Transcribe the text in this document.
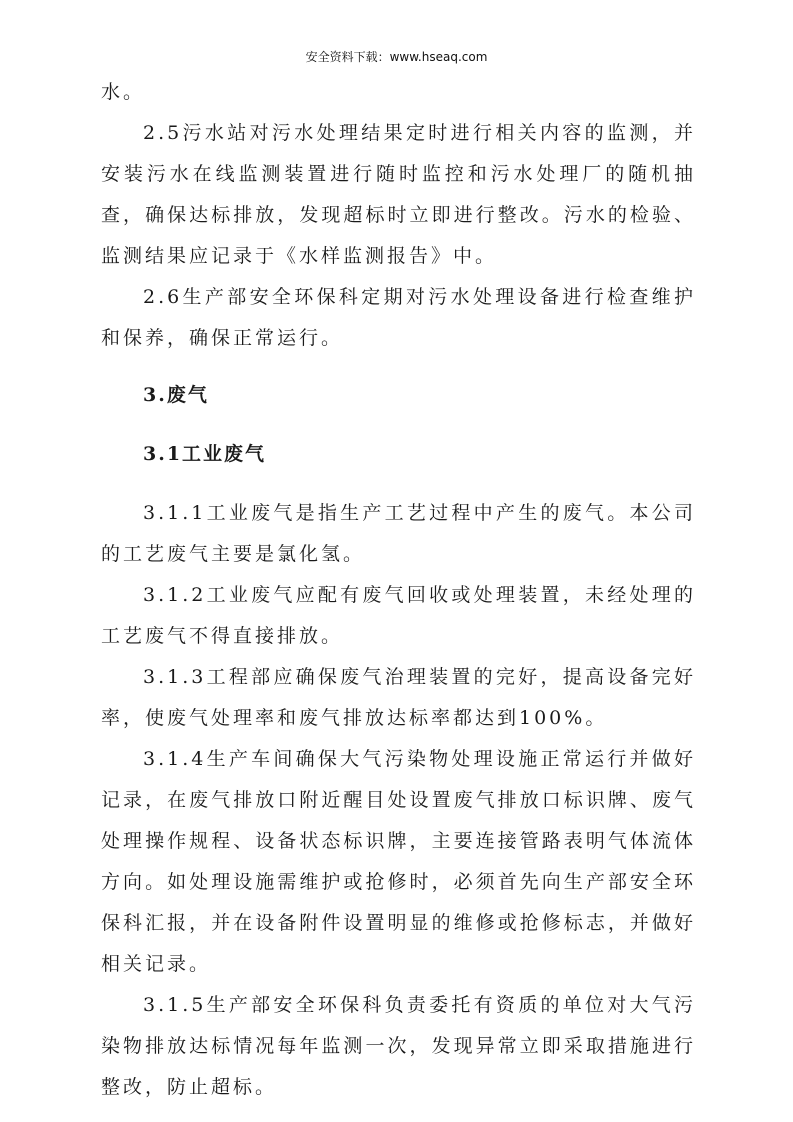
安全资料下载：www.hseaq.com

水。

2.5污水站对污水处理结果定时进行相关内容的监测，并安装污水在线监测装置进行随时监控和污水处理厂的随机抽查，确保达标排放，发现超标时立即进行整改。污水的检验、监测结果应记录于《水样监测报告》中。

2.6生产部安全环保科定期对污水处理设备进行检查维护和保养，确保正常运行。

3.废气

3.1工业废气

3.1.1工业废气是指生产工艺过程中产生的废气。本公司的工艺废气主要是氯化氢。

3.1.2工业废气应配有废气回收或处理装置，未经处理的工艺废气不得直接排放。

3.1.3工程部应确保废气治理装置的完好，提高设备完好率，使废气处理率和废气排放达标率都达到100%。

3.1.4生产车间确保大气污染物处理设施正常运行并做好记录，在废气排放口附近醒目处设置废气排放口标识牌、废气处理操作规程、设备状态标识牌，主要连接管路表明气体流体方向。如处理设施需维护或抢修时，必须首先向生产部安全环保科汇报，并在设备附件设置明显的维修或抢修标志，并做好相关记录。

3.1.5生产部安全环保科负责委托有资质的单位对大气污染物排放达标情况每年监测一次，发现异常立即采取措施进行整改，防止超标。
